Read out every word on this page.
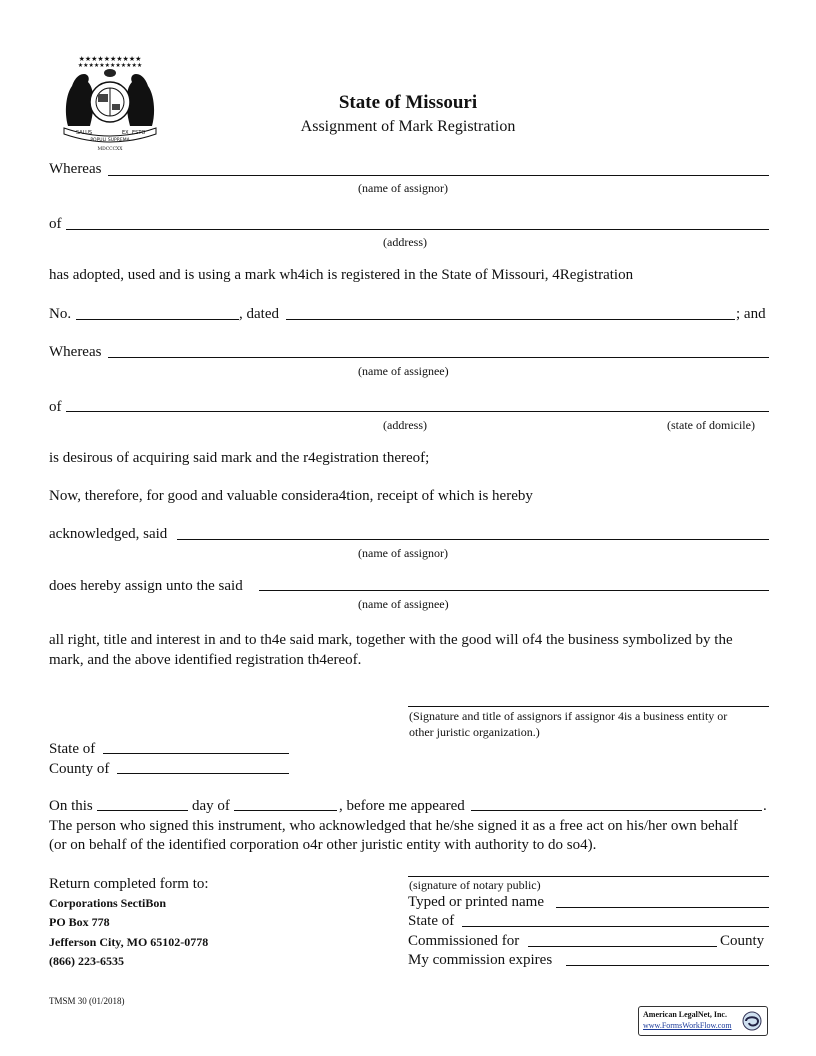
★★★★★★★★★★
★★★★★★★★★★★★
SALUS	EX ESTO
POPULI SUPREMA
MDCCCXX
State of Missouri
Assignment of Mark Registration
Whereas
(name of assignor)
of
(address)
has adopted, used and is using a mark wh4ich is registered in the State of Missouri, 4Registration
No.	, dated	; and
Whereas
(name of assignee)
of
(address)	(state of domicile)
is desirous of acquiring said mark and the r4egistration thereof;
Now, therefore, for good and valuable considera4tion, receipt of which is hereby
acknowledged, said
(name of assignor)
does hereby assign unto the said
(name of assignee)
all right, title and interest in and to th4e said mark, together with the good will of4 the business symbolized by the
mark, and the above identified registration th4ereof.
(Signature and title of assignors if assignor 4is a business entity or
other juristic organization.)
State of
County of
On this	day of	, before me appeared	.
The person who signed this instrument, who acknowledged that he/she signed it as a free act on his/her own behalf
(or on behalf of the identified corporation o4r other juristic entity with authority to do so4).
Return completed form to:
Corporations SectiBon
PO Box 778
Jefferson City, MO 65102-0778
(866) 223-6535
(signature of notary public)
Typed or printed name
State of
Commissioned for	County
My commission expires
TMSM 30 (01/2018)
American LegalNet, Inc.
www.FormsWorkFlow.com
